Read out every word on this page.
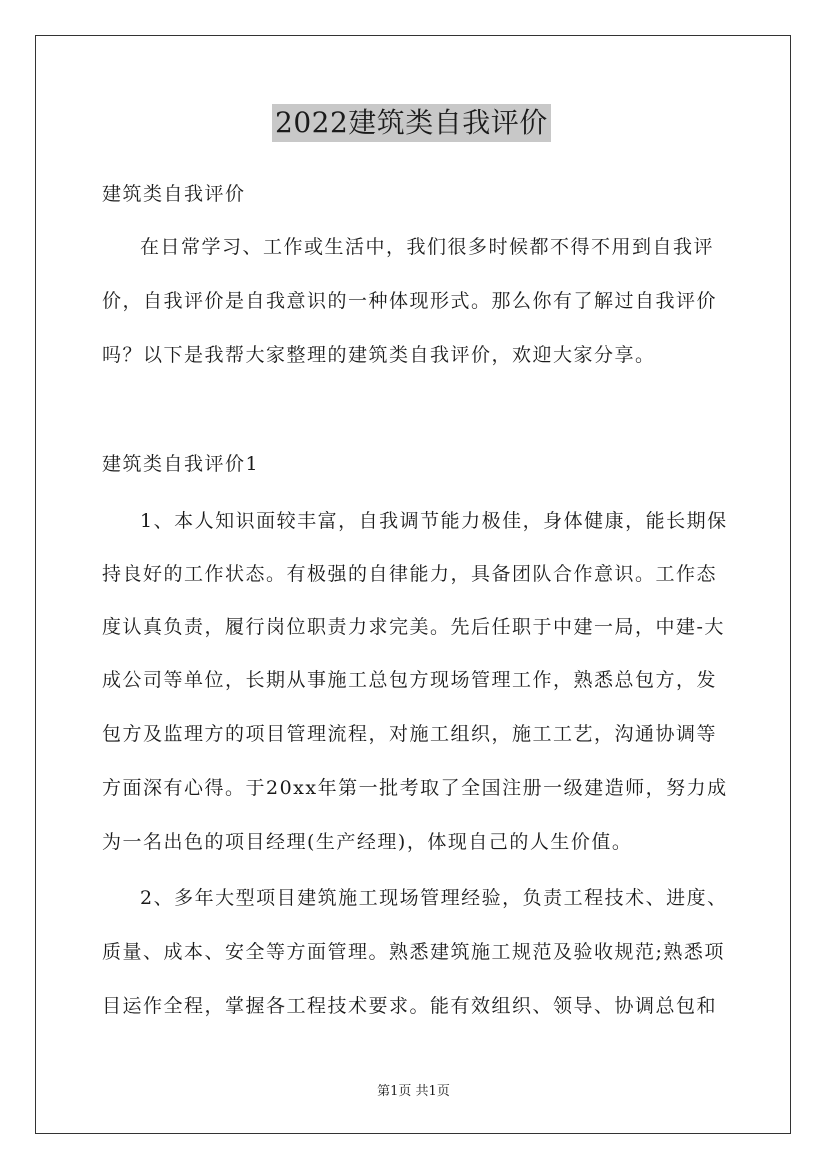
2022建筑类自我评价
建筑类自我评价
在日常学习、工作或生活中，我们很多时候都不得不用到自我评
价，自我评价是自我意识的一种体现形式。那么你有了解过自我评价
吗？以下是我帮大家整理的建筑类自我评价，欢迎大家分享。
建筑类自我评价1
1、本人知识面较丰富，自我调节能力极佳，身体健康，能长期保
持良好的工作状态。有极强的自律能力，具备团队合作意识。工作态
度认真负责，履行岗位职责力求完美。先后任职于中建一局，中建-大
成公司等单位，长期从事施工总包方现场管理工作，熟悉总包方，发
包方及监理方的项目管理流程，对施工组织，施工工艺，沟通协调等
方面深有心得。于20xx年第一批考取了全国注册一级建造师，努力成
为一名出色的项目经理(生产经理)，体现自己的人生价值。
2、多年大型项目建筑施工现场管理经验，负责工程技术、进度、
质量、成本、安全等方面管理。熟悉建筑施工规范及验收规范;熟悉项
目运作全程，掌握各工程技术要求。能有效组织、领导、协调总包和
第1页 共1页
